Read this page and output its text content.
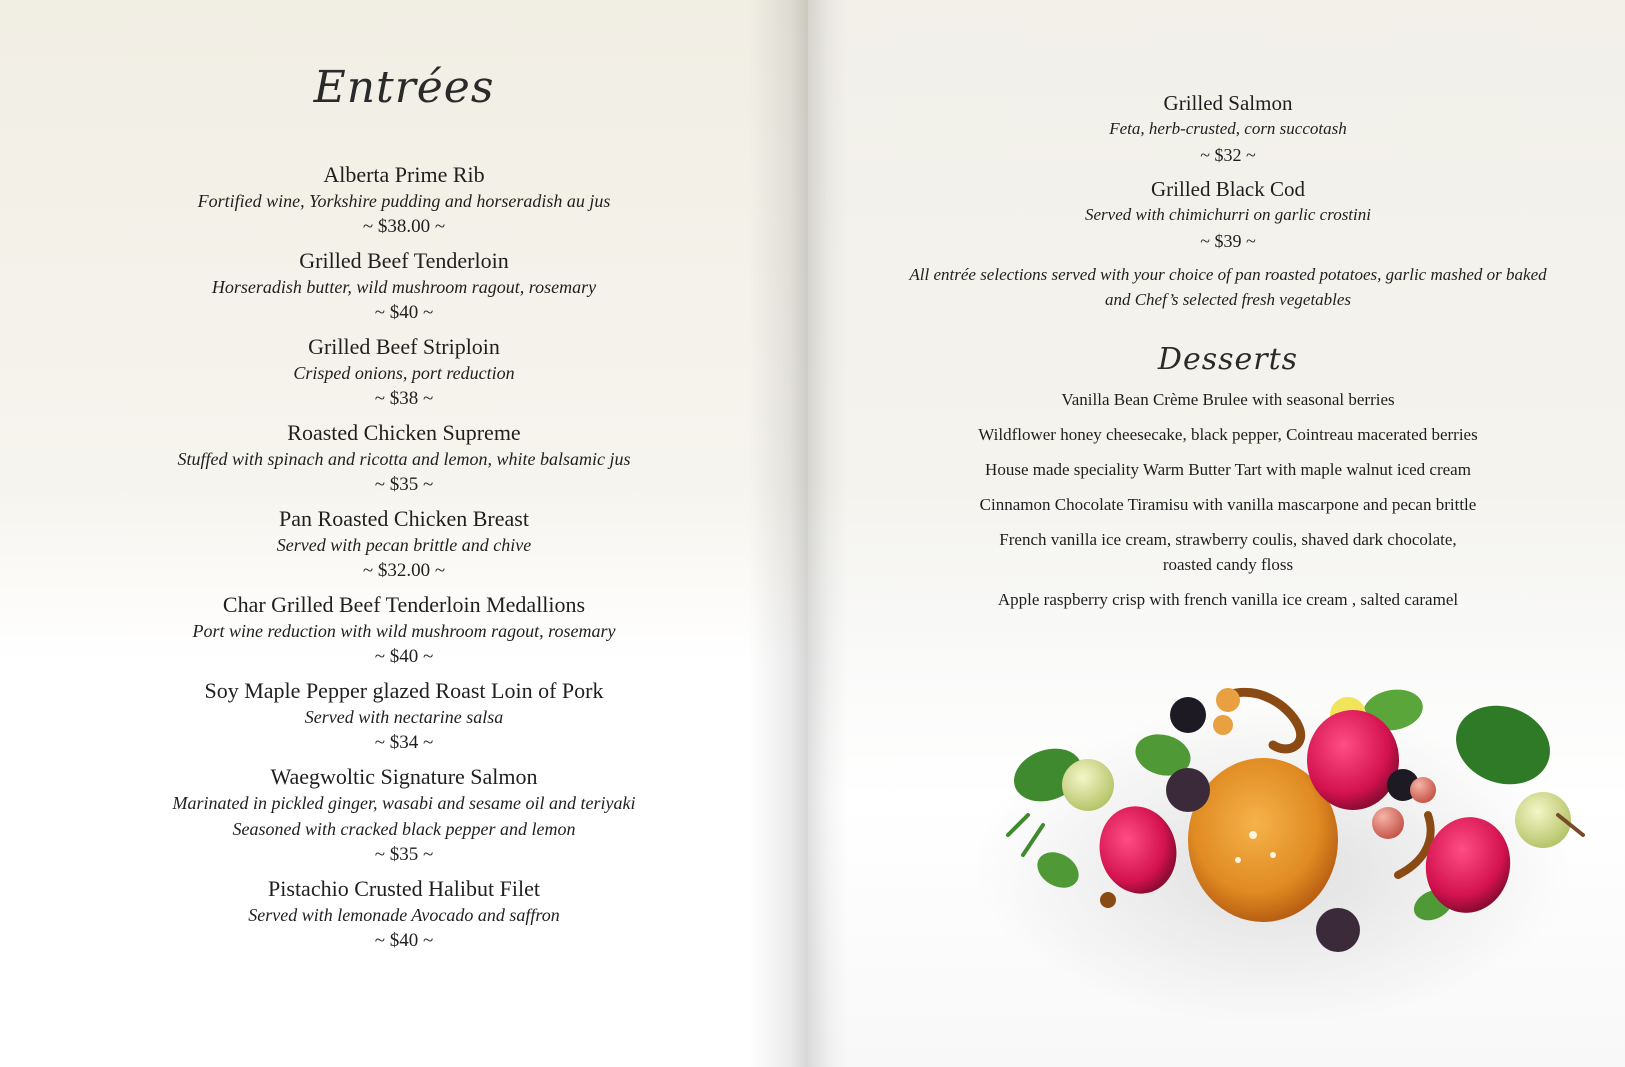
Entrées
Alberta Prime Rib
Fortified wine, Yorkshire pudding and horseradish au jus
~ $38.00 ~
Grilled Beef Tenderloin
Horseradish butter, wild mushroom ragout, rosemary
~ $40 ~
Grilled Beef Striploin
Crisped onions, port reduction
~ $38 ~
Roasted Chicken Supreme
Stuffed with spinach and ricotta and lemon, white balsamic jus
~ $35 ~
Pan Roasted Chicken Breast
Served with pecan brittle and chive
~ $32.00 ~
Char Grilled Beef Tenderloin Medallions
Port wine reduction with wild mushroom ragout, rosemary
~ $40 ~
Soy Maple Pepper glazed Roast Loin of Pork
Served with nectarine salsa
~ $34 ~
Waegwoltic Signature Salmon
Marinated in pickled ginger, wasabi and sesame oil and teriyaki
Seasoned with cracked black pepper and lemon
~ $35 ~
Pistachio Crusted Halibut Filet
Served with lemonade Avocado and saffron
~ $40 ~
Grilled Salmon
Feta, herb-crusted, corn succotash
~ $32 ~
Grilled Black Cod
Served with chimichurri on garlic crostini
~ $39 ~
All entrée selections served with your choice of pan roasted potatoes, garlic mashed or baked
and Chef’s selected fresh vegetables
Desserts
Vanilla Bean Crème Brulee with seasonal berries
Wildflower honey cheesecake, black pepper, Cointreau macerated berries
House made speciality Warm Butter Tart with maple walnut iced cream
Cinnamon Chocolate Tiramisu with vanilla mascarpone and pecan brittle
French vanilla ice cream, strawberry coulis, shaved dark chocolate,
roasted candy floss
Apple raspberry crisp with french vanilla ice cream , salted caramel
